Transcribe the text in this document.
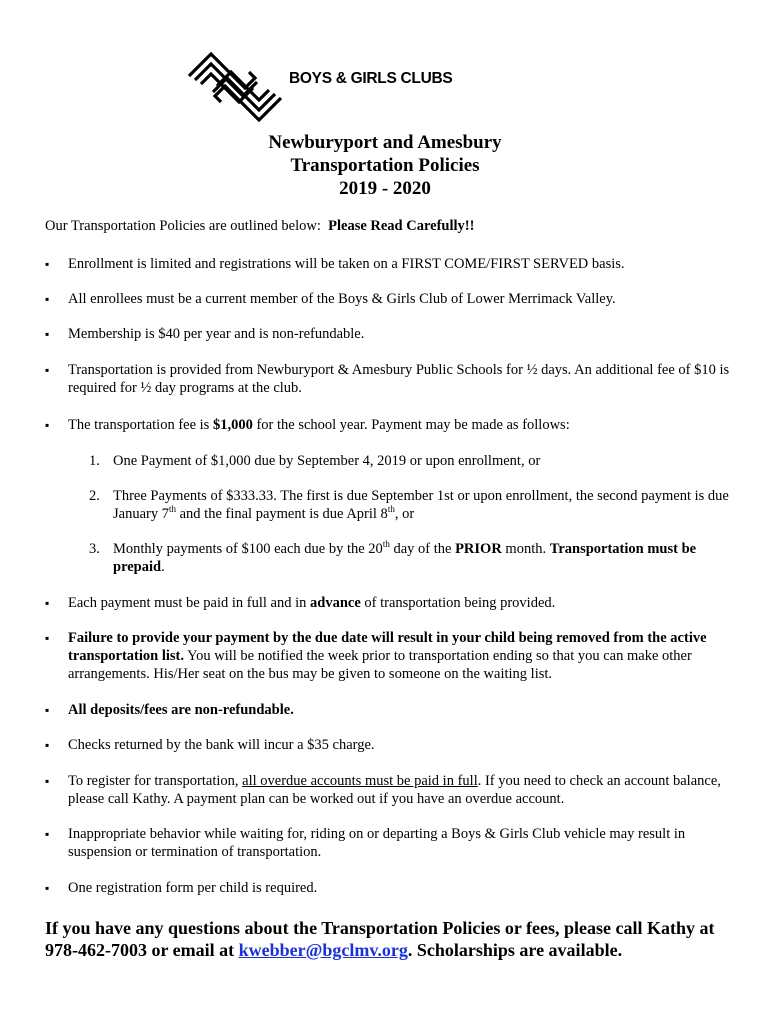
BOYS & GIRLS CLUBS
Newburyport and Amesbury
Transportation Policies
2019 - 2020
Our Transportation Policies are outlined below: Please Read Carefully!!
▪	Enrollment is limited and registrations will be taken on a FIRST COME/FIRST SERVED basis.
▪	All enrollees must be a current member of the Boys & Girls Club of Lower Merrimack Valley.
▪	Membership is $40 per year and is non-refundable.
▪	Transportation is provided from Newburyport & Amesbury Public Schools for ½ days. An additional fee of $10 is required for ½ day programs at the club.
▪	The transportation fee is $1,000 for the school year. Payment may be made as follows:
1. One Payment of $1,000 due by September 4, 2019 or upon enrollment, or
2. Three Payments of $333.33. The first is due September 1st or upon enrollment, the second payment is due January 7th and the final payment is due April 8th, or
3. Monthly payments of $100 each due by the 20th day of the PRIOR month. Transportation must be prepaid.
▪	Each payment must be paid in full and in advance of transportation being provided.
▪	Failure to provide your payment by the due date will result in your child being removed from the active transportation list. You will be notified the week prior to transportation ending so that you can make other arrangements. His/Her seat on the bus may be given to someone on the waiting list.
▪	All deposits/fees are non-refundable.
▪	Checks returned by the bank will incur a $35 charge.
▪	To register for transportation, all overdue accounts must be paid in full. If you need to check an account balance, please call Kathy. A payment plan can be worked out if you have an overdue account.
▪	Inappropriate behavior while waiting for, riding on or departing a Boys & Girls Club vehicle may result in suspension or termination of transportation.
▪	One registration form per child is required.
If you have any questions about the Transportation Policies or fees, please call Kathy at 978-462-7003 or email at kwebber@bgclmv.org. Scholarships are available.
